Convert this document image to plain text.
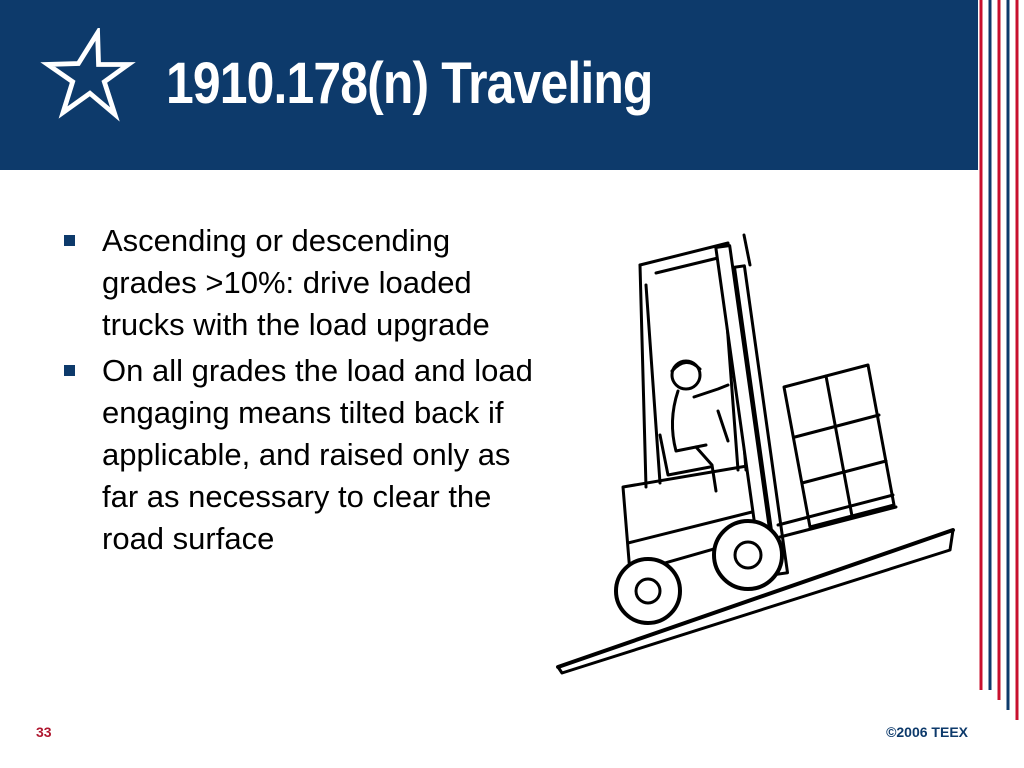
1910.178(n) Traveling
Ascending or descending grades >10%: drive loaded trucks with the load upgrade
On all grades the load and load engaging means tilted back if applicable, and raised only as far as necessary to clear the road surface
33	©2006 TEEX
